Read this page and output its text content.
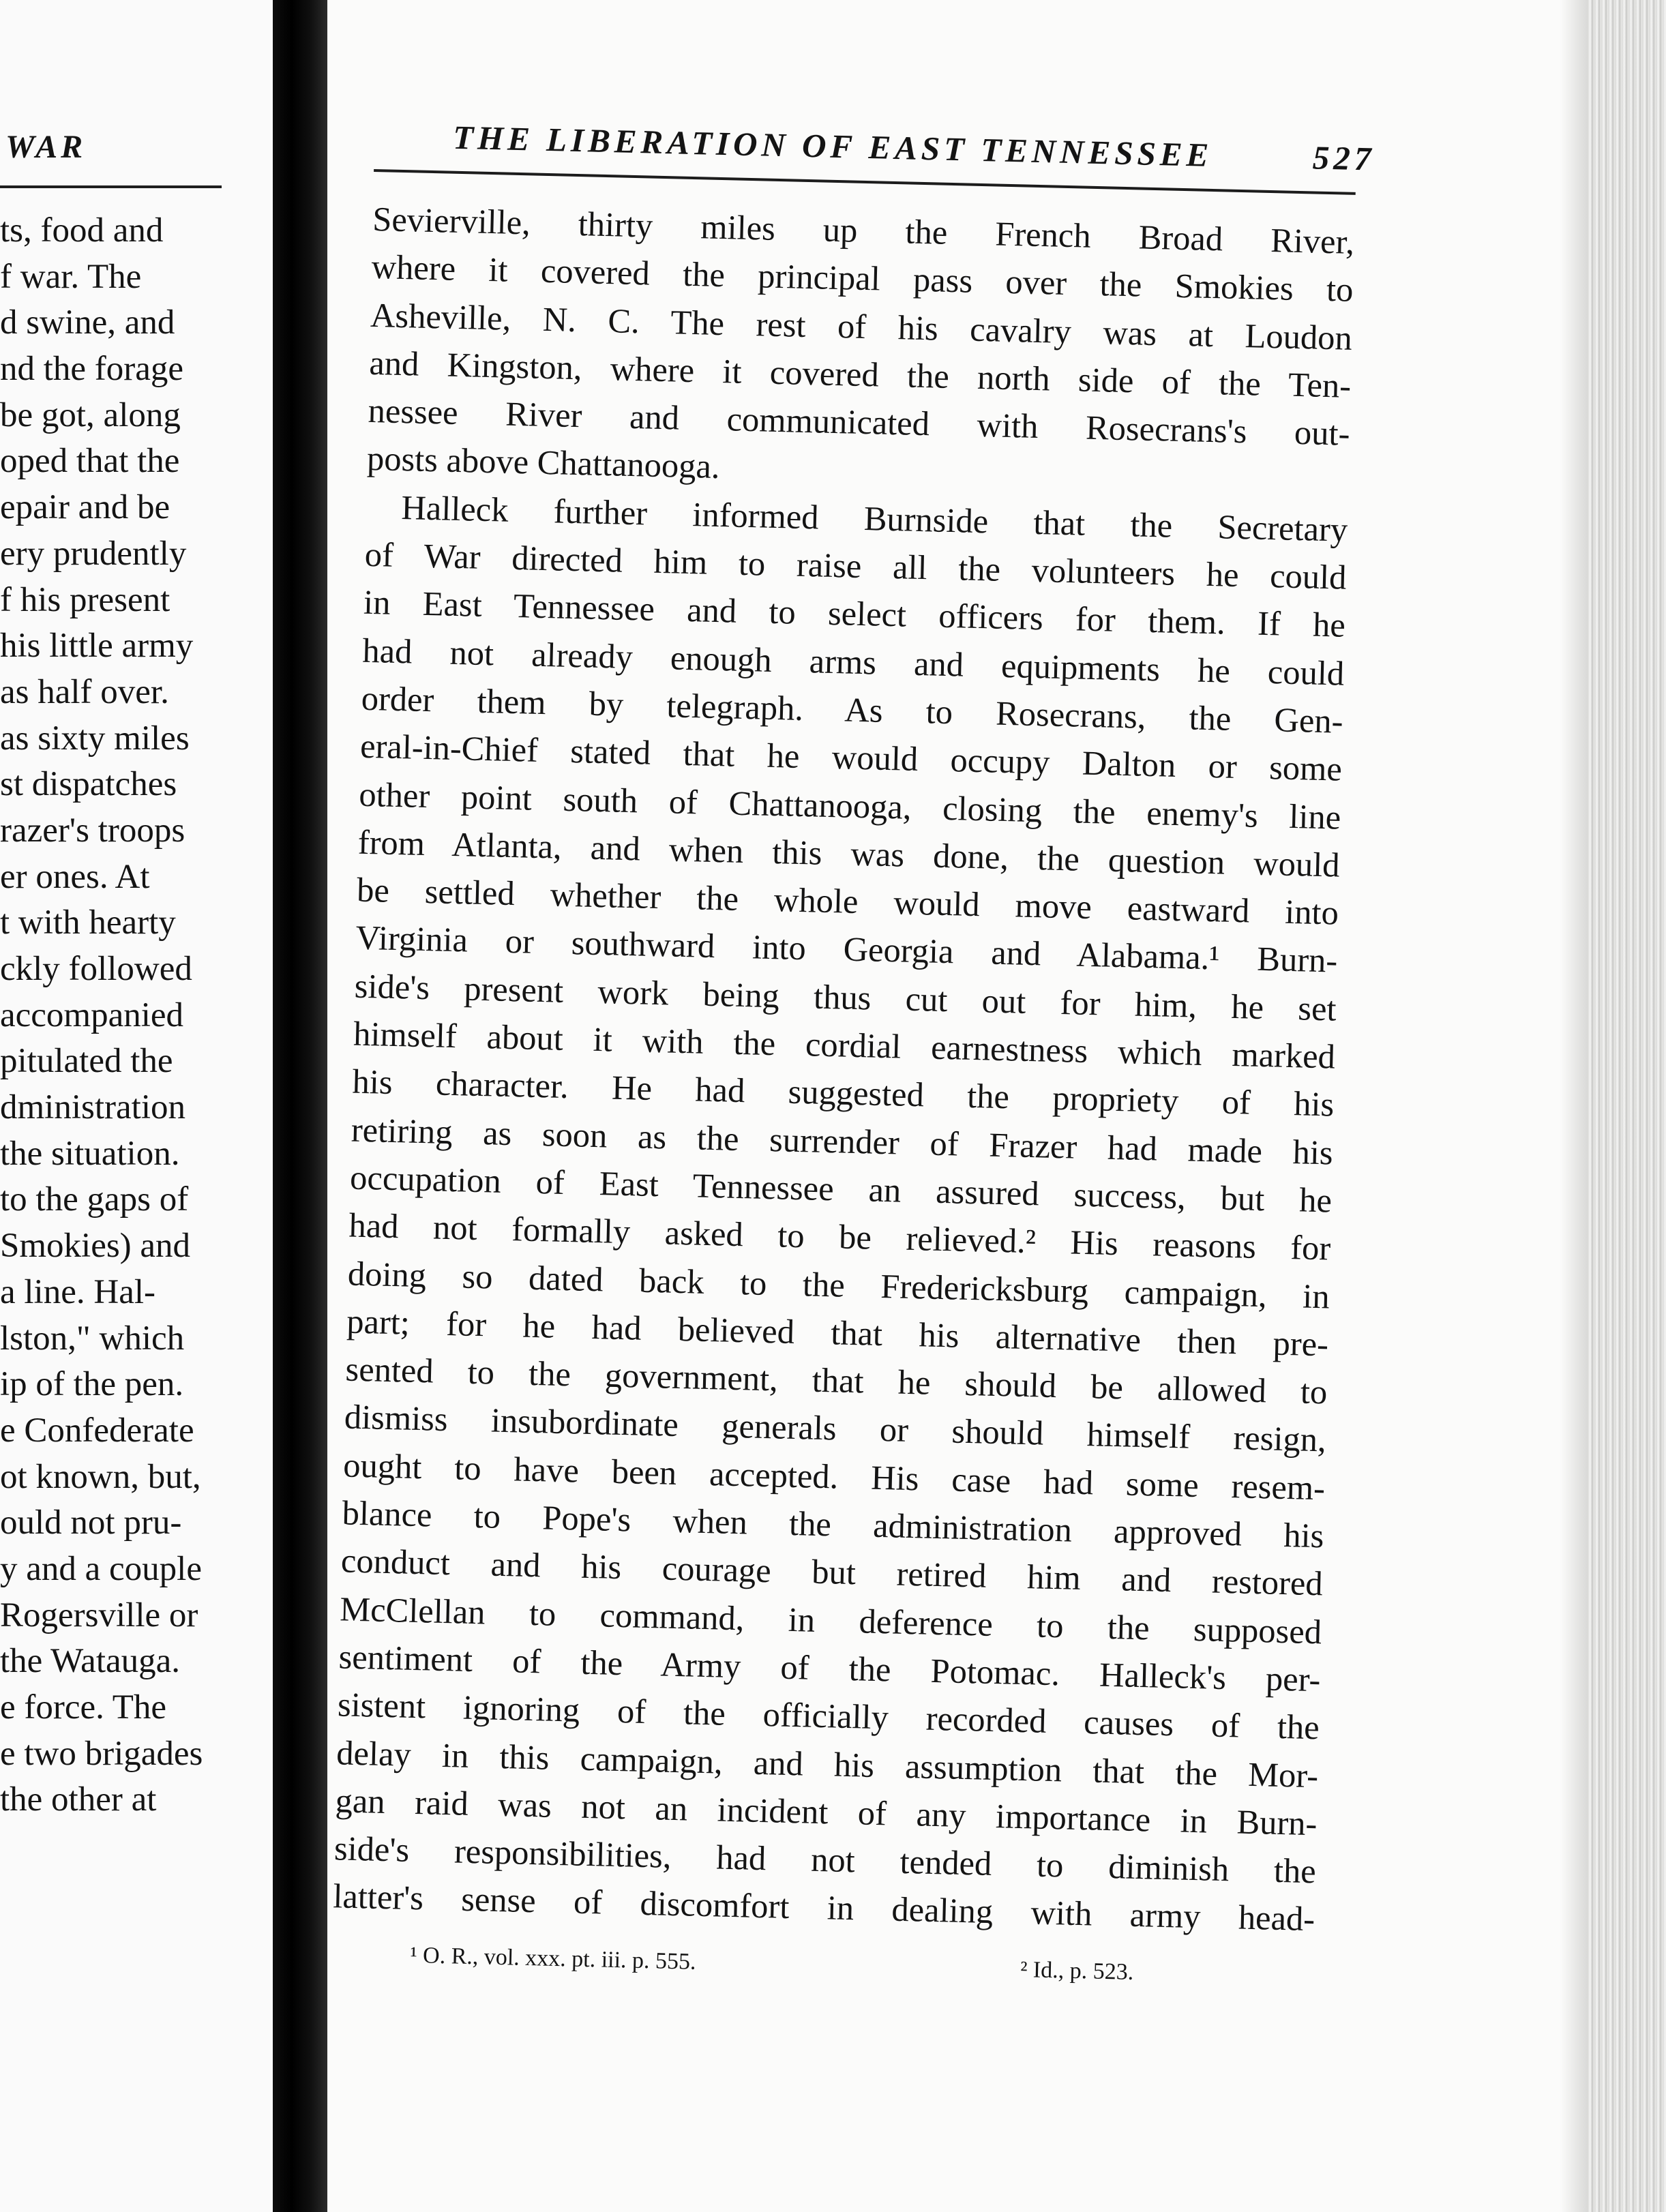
WAR
ts, food and
f war. The
d swine, and
nd the forage
be got, along
oped that the
epair and be
ery prudently
f his present
his little army
as half over.
as sixty miles
st dispatches
razer's troops
er ones. At
t with hearty
ckly followed
accompanied
pitulated the
dministration
the situation.
to the gaps of
Smokies) and
a line. Hal-
lston," which
ip of the pen.
e Confederate
ot known, but,
ould not pru-
y and a couple
Rogersville or
the Watauga.
e force. The
e two brigades
the other at
THE LIBERATION OF EAST TENNESSEE	527
Sevierville, thirty miles up the French Broad River,
where it covered the principal pass over the Smokies to
Asheville, N. C. The rest of his cavalry was at Loudon
and Kingston, where it covered the north side of the Ten-
nessee River and communicated with Rosecrans's out-
posts above Chattanooga.
Halleck further informed Burnside that the Secretary
of War directed him to raise all the volunteers he could
in East Tennessee and to select officers for them. If he
had not already enough arms and equipments he could
order them by telegraph. As to Rosecrans, the Gen-
eral-in-Chief stated that he would occupy Dalton or some
other point south of Chattanooga, closing the enemy's line
from Atlanta, and when this was done, the question would
be settled whether the whole would move eastward into
Virginia or southward into Georgia and Alabama.¹ Burn-
side's present work being thus cut out for him, he set
himself about it with the cordial earnestness which marked
his character. He had suggested the propriety of his
retiring as soon as the surrender of Frazer had made his
occupation of East Tennessee an assured success, but he
had not formally asked to be relieved.² His reasons for
doing so dated back to the Fredericksburg campaign, in
part; for he had believed that his alternative then pre-
sented to the government, that he should be allowed to
dismiss insubordinate generals or should himself resign,
ought to have been accepted. His case had some resem-
blance to Pope's when the administration approved his
conduct and his courage but retired him and restored
McClellan to command, in deference to the supposed
sentiment of the Army of the Potomac. Halleck's per-
sistent ignoring of the officially recorded causes of the
delay in this campaign, and his assumption that the Mor-
gan raid was not an incident of any importance in Burn-
side's responsibilities, had not tended to diminish the
latter's sense of discomfort in dealing with army head-
¹ O. R., vol. xxx. pt. iii. p. 555.	² Id., p. 523.
